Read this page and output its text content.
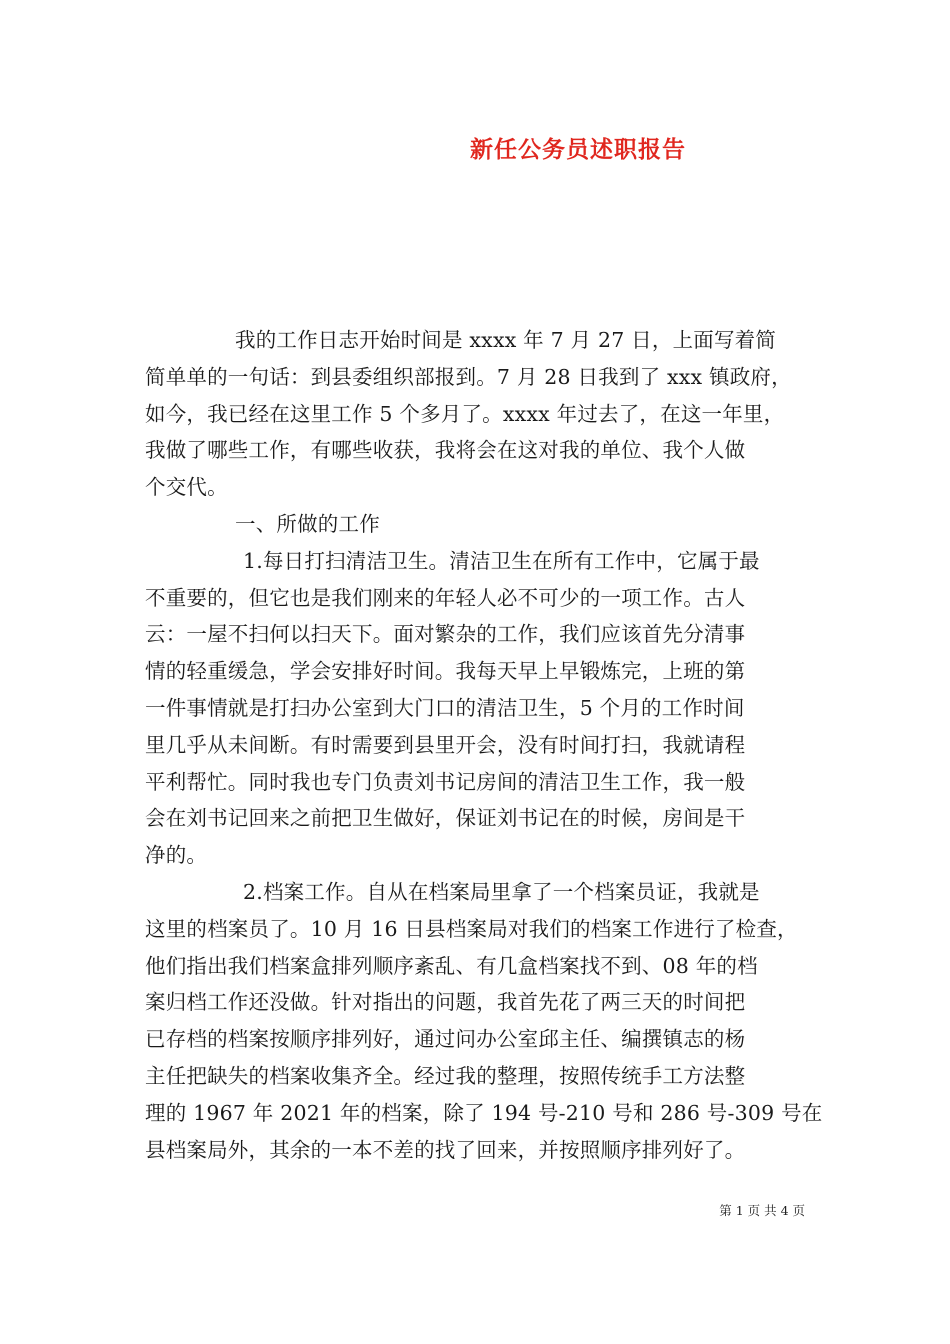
新任公务员述职报告
我的工作日志开始时间是 xxxx 年 7 月 27 日，上面写着简
简单单的一句话：到县委组织部报到。7 月 28 日我到了 xxx 镇政府，
如今，我已经在这里工作 5 个多月了。xxxx 年过去了，在这一年里，
我做了哪些工作，有哪些收获，我将会在这对我的单位、我个人做
个交代。
一、所做的工作
1.每日打扫清洁卫生。清洁卫生在所有工作中，它属于最
不重要的，但它也是我们刚来的年轻人必不可少的一项工作。古人
云：一屋不扫何以扫天下。面对繁杂的工作，我们应该首先分清事
情的轻重缓急，学会安排好时间。我每天早上早锻炼完，上班的第
一件事情就是打扫办公室到大门口的清洁卫生，5 个月的工作时间
里几乎从未间断。有时需要到县里开会，没有时间打扫，我就请程
平利帮忙。同时我也专门负责刘书记房间的清洁卫生工作，我一般
会在刘书记回来之前把卫生做好，保证刘书记在的时候，房间是干
净的。
2.档案工作。自从在档案局里拿了一个档案员证，我就是
这里的档案员了。10 月 16 日县档案局对我们的档案工作进行了检查，
他们指出我们档案盒排列顺序紊乱、有几盒档案找不到、08 年的档
案归档工作还没做。针对指出的问题，我首先花了两三天的时间把
已存档的档案按顺序排列好，通过问办公室邱主任、编撰镇志的杨
主任把缺失的档案收集齐全。经过我的整理，按照传统手工方法整
理的 1967 年 2021 年的档案，除了 194 号-210 号和 286 号-309 号在
县档案局外，其余的一本不差的找了回来，并按照顺序排列好了。
第 1 页 共 4 页
